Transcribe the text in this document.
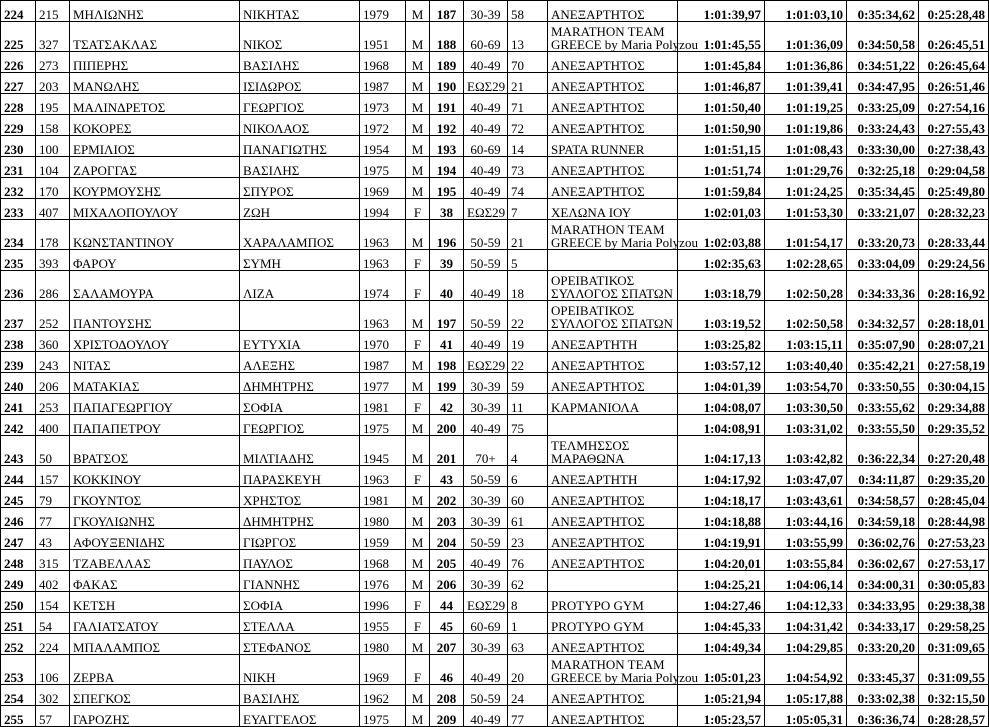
224	215	ΜΗΛΙΩΝΗΣ	ΝΙΚΗΤΑΣ	1979	M	187	30-39	58	ΑΝΕΞΑΡΤΗΤΟΣ	1:01:39,97	1:01:03,10	0:35:34,62	0:25:28,48
225	327	ΤΣΑΤΣΑΚΛΑΣ	ΝΙΚΟΣ	1951	M	188	60-69	13	MARATHON TEAM
GREECE by Maria Polyzou	1:01:45,55	1:01:36,09	0:34:50,58	0:26:45,51
226	273	ΠΙΠΕΡΗΣ	ΒΑΣΙΛΗΣ	1968	M	189	40-49	70	ΑΝΕΞΑΡΤΗΤΟΣ	1:01:45,84	1:01:36,86	0:34:51,22	0:26:45,64
227	203	ΜΑΝΩΛΗΣ	ΙΣΙΔΩΡΟΣ	1987	M	190	ΕΩΣ29	21	ΑΝΕΞΑΡΤΗΤΟΣ	1:01:46,87	1:01:39,41	0:34:47,95	0:26:51,46
228	195	ΜΑΛΙΝΔΡΕΤΟΣ	ΓΕΩΡΓΙΟΣ	1973	M	191	40-49	71	ΑΝΕΞΑΡΤΗΤΟΣ	1:01:50,40	1:01:19,25	0:33:25,09	0:27:54,16
229	158	ΚΟΚΟΡΕΣ	ΝΙΚΟΛΑΟΣ	1972	M	192	40-49	72	ΑΝΕΞΑΡΤΗΤΟΣ	1:01:50,90	1:01:19,86	0:33:24,43	0:27:55,43
230	100	ΕΡΜΙΛΙΟΣ	ΠΑΝΑΓΙΩΤΗΣ	1954	M	193	60-69	14	SPATA RUNNER	1:01:51,15	1:01:08,43	0:33:30,00	0:27:38,43
231	104	ΖΑΡΟΓΓΑΣ	ΒΑΣΙΛΗΣ	1975	M	194	40-49	73	ΑΝΕΞΑΡΤΗΤΟΣ	1:01:51,74	1:01:29,76	0:32:25,18	0:29:04,58
232	170	ΚΟΥΡΜΟΥΣΗΣ	ΣΠΥΡΟΣ	1969	M	195	40-49	74	ΑΝΕΞΑΡΤΗΤΟΣ	1:01:59,84	1:01:24,25	0:35:34,45	0:25:49,80
233	407	ΜΙΧΑΛΟΠΟΥΛΟΥ	ΖΩΗ	1994	F	38	ΕΩΣ29	7	ΧΕΛΩΝΑ ΙΟΥ	1:02:01,03	1:01:53,30	0:33:21,07	0:28:32,23
234	178	ΚΩΝΣΤΑΝΤΙΝΟΥ	ΧΑΡΑΛΑΜΠΟΣ	1963	M	196	50-59	21	MARATHON TEAM
GREECE by Maria Polyzou	1:02:03,88	1:01:54,17	0:33:20,73	0:28:33,44
235	393	ΦΑΡΟΥ	ΣΥΜΗ	1963	F	39	50-59	5		1:02:35,63	1:02:28,65	0:33:04,09	0:29:24,56
236	286	ΣΑΛΑΜΟΥΡΑ	ΛΙΖΑ	1974	F	40	40-49	18	ΟΡΕΙΒΑΤΙΚΟΣ
ΣΥΛΛΟΓΟΣ ΣΠΑΤΩΝ	1:03:18,79	1:02:50,28	0:34:33,36	0:28:16,92
237	252	ΠΑΝΤΟΥΣΗΣ		1963	M	197	50-59	22	ΟΡΕΙΒΑΤΙΚΟΣ
ΣΥΛΛΟΓΟΣ ΣΠΑΤΩΝ	1:03:19,52	1:02:50,58	0:34:32,57	0:28:18,01
238	360	ΧΡΙΣΤΟΔΟΥΛΟΥ	ΕΥΤΥΧΙΑ	1970	F	41	40-49	19	ΑΝΕΞΑΡΤΗΤΗ	1:03:25,82	1:03:15,11	0:35:07,90	0:28:07,21
239	243	ΝΙΤΑΣ	ΑΛΕΞΗΣ	1987	M	198	ΕΩΣ29	22	ΑΝΕΞΑΡΤΗΤΟΣ	1:03:57,12	1:03:40,40	0:35:42,21	0:27:58,19
240	206	ΜΑΤΑΚΙΑΣ	ΔΗΜΗΤΡΗΣ	1977	M	199	30-39	59	ΑΝΕΞΑΡΤΗΤΟΣ	1:04:01,39	1:03:54,70	0:33:50,55	0:30:04,15
241	253	ΠΑΠΑΓΕΩΡΓΙΟΥ	ΣΟΦΙΑ	1981	F	42	30-39	11	ΚΑΡΜΑΝΙΟΛΑ	1:04:08,07	1:03:30,50	0:33:55,62	0:29:34,88
242	400	ΠΑΠΑΠΕΤΡΟΥ	ΓΕΩΡΓΙΟΣ	1975	M	200	40-49	75		1:04:08,91	1:03:31,02	0:33:55,50	0:29:35,52
243	50	ΒΡΑΤΣΟΣ	ΜΙΛΤΙΑΔΗΣ	1945	M	201	70+	4	ΤΕΛΜΗΣΣΟΣ
ΜΑΡΑΘΩΝΑ	1:04:17,13	1:03:42,82	0:36:22,34	0:27:20,48
244	157	ΚΟΚΚΙΝΟΥ	ΠΑΡΑΣΚΕΥΗ	1963	F	43	50-59	6	ΑΝΕΞΑΡΤΗΤΗ	1:04:17,92	1:03:47,07	0:34:11,87	0:29:35,20
245	79	ΓΚΟΥΝΤΟΣ	ΧΡΗΣΤΟΣ	1981	M	202	30-39	60	ΑΝΕΞΑΡΤΗΤΟΣ	1:04:18,17	1:03:43,61	0:34:58,57	0:28:45,04
246	77	ΓΚΟΥΛΙΩΝΗΣ	ΔΗΜΗΤΡΗΣ	1980	M	203	30-39	61	ΑΝΕΞΑΡΤΗΤΟΣ	1:04:18,88	1:03:44,16	0:34:59,18	0:28:44,98
247	43	ΑΦΟΥΞΕΝΙΔΗΣ	ΓΙΩΡΓΟΣ	1959	M	204	50-59	23	ΑΝΕΞΑΡΤΗΤΟΣ	1:04:19,91	1:03:55,99	0:36:02,76	0:27:53,23
248	315	ΤΖΑΒΕΛΛΑΣ	ΠΑΥΛΟΣ	1968	M	205	40-49	76	ΑΝΕΞΑΡΤΗΤΟΣ	1:04:20,01	1:03:55,84	0:36:02,67	0:27:53,17
249	402	ΦΑΚΑΣ	ΓΙΑΝΝΗΣ	1976	M	206	30-39	62		1:04:25,21	1:04:06,14	0:34:00,31	0:30:05,83
250	154	ΚΕΤΣΗ	ΣΟΦΙΑ	1996	F	44	ΕΩΣ29	8	PROTYPO GYM	1:04:27,46	1:04:12,33	0:34:33,95	0:29:38,38
251	54	ΓΑΛΙΑΤΣΑΤΟΥ	ΣΤΕΛΛΑ	1955	F	45	60-69	1	PROTYPO GYM	1:04:45,33	1:04:31,42	0:34:33,17	0:29:58,25
252	224	ΜΠΑΛΑΜΠΟΣ	ΣΤΕΦΑΝΟΣ	1980	M	207	30-39	63	ΑΝΕΞΑΡΤΗΤΟΣ	1:04:49,34	1:04:29,85	0:33:20,20	0:31:09,65
253	106	ΖΕΡΒΑ	ΝΙΚΗ	1969	F	46	40-49	20	MARATHON TEAM
GREECE by Maria Polyzou	1:05:01,23	1:04:54,92	0:33:45,37	0:31:09,55
254	302	ΣΠΕΓΚΟΣ	ΒΑΣΙΛΗΣ	1962	M	208	50-59	24	ΑΝΕΞΑΡΤΗΤΟΣ	1:05:21,94	1:05:17,88	0:33:02,38	0:32:15,50
255	57	ΓΑΡΟΖΗΣ	ΕΥΑΓΓΕΛΟΣ	1975	M	209	40-49	77	ΑΝΕΞΑΡΤΗΤΟΣ	1:05:23,57	1:05:05,31	0:36:36,74	0:28:28,57
